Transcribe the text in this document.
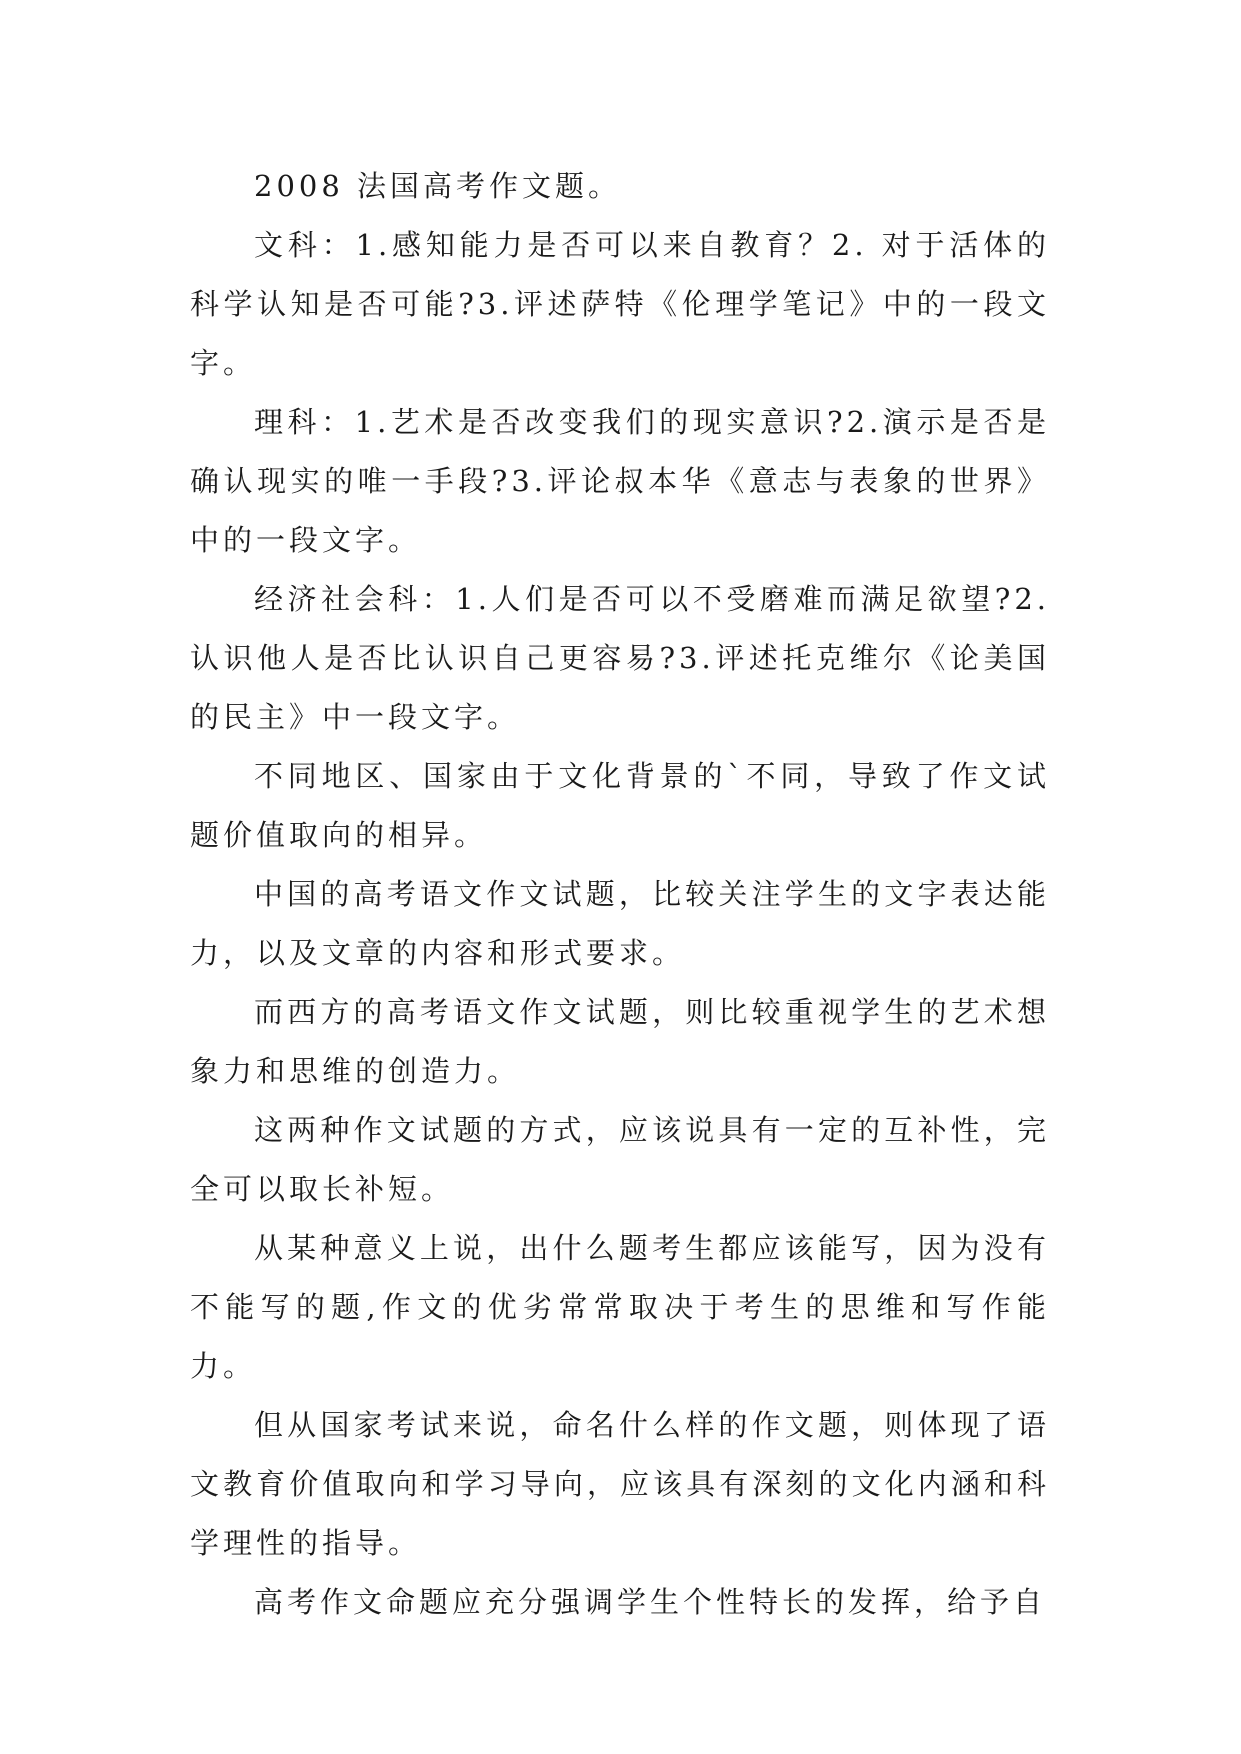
2008 法国高考作文题。

文科：1.感知能力是否可以来自教育？2. 对于活体的科学认知是否可能?3.评述萨特《伦理学笔记》中的一段文字。

理科：1.艺术是否改变我们的现实意识?2.演示是否是确认现实的唯一手段?3.评论叔本华《意志与表象的世界》中的一段文字。

经济社会科：1.人们是否可以不受磨难而满足欲望?2.认识他人是否比认识自己更容易?3.评述托克维尔《论美国的民主》中一段文字。

不同地区、国家由于文化背景的`不同，导致了作文试题价值取向的相异。

中国的高考语文作文试题，比较关注学生的文字表达能力，以及文章的内容和形式要求。

而西方的高考语文作文试题，则比较重视学生的艺术想象力和思维的创造力。

这两种作文试题的方式，应该说具有一定的互补性，完全可以取长补短。

从某种意义上说，出什么题考生都应该能写，因为没有不能写的题,作文的优劣常常取决于考生的思维和写作能力。

但从国家考试来说，命名什么样的作文题，则体现了语文教育价值取向和学习导向，应该具有深刻的文化内涵和科学理性的指导。

高考作文命题应充分强调学生个性特长的发挥，给予自
